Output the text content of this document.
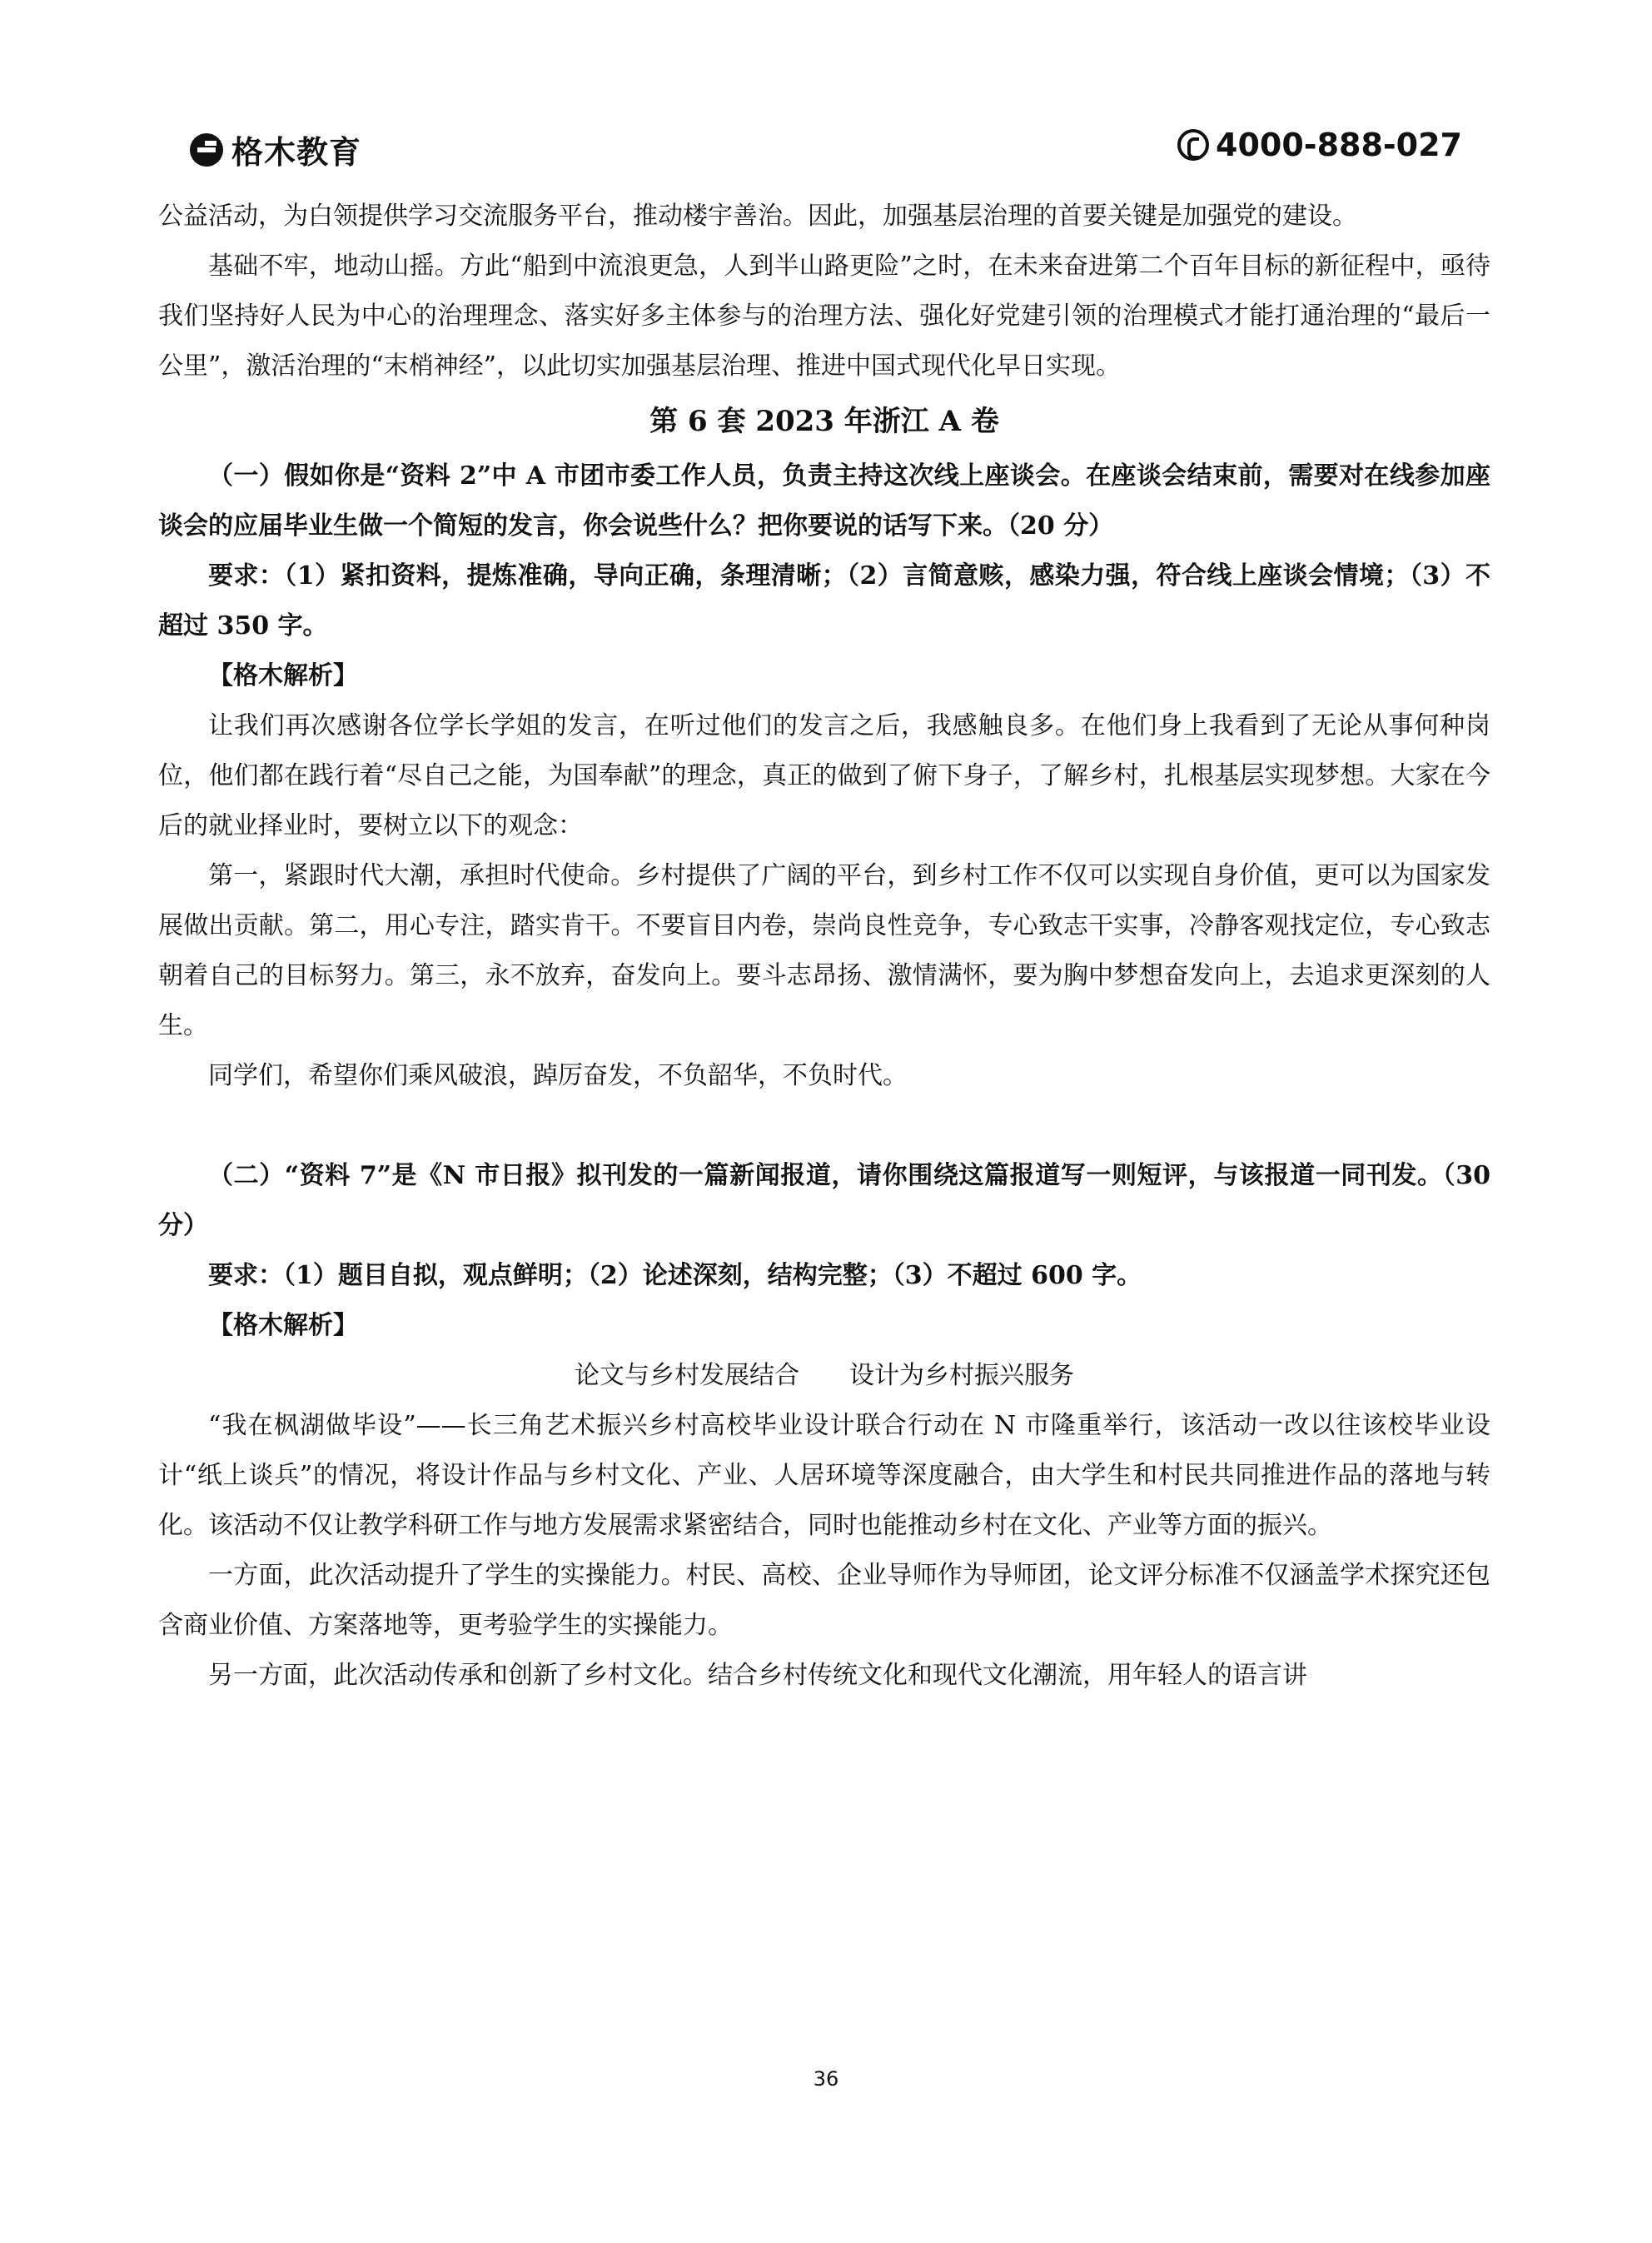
格木教育	4000-888-027

公益活动，为白领提供学习交流服务平台，推动楼宇善治。因此，加强基层治理的首要关键是加强党的建设。

基础不牢，地动山摇。方此“船到中流浪更急，人到半山路更险”之时，在未来奋进第二个百年目标的新征程中，亟待我们坚持好人民为中心的治理理念、落实好多主体参与的治理方法、强化好党建引领的治理模式才能打通治理的“最后一公里”，激活治理的“末梢神经”，以此切实加强基层治理、推进中国式现代化早日实现。

第 6 套 2023 年浙江 A 卷

（一）假如你是“资料 2”中 A 市团市委工作人员，负责主持这次线上座谈会。在座谈会结束前，需要对在线参加座谈会的应届毕业生做一个简短的发言，你会说些什么？把你要说的话写下来。（20 分）

要求：（1）紧扣资料，提炼准确，导向正确，条理清晰；（2）言简意赅，感染力强，符合线上座谈会情境；（3）不超过 350 字。

【格木解析】

让我们再次感谢各位学长学姐的发言，在听过他们的发言之后，我感触良多。在他们身上我看到了无论从事何种岗位，他们都在践行着“尽自己之能，为国奉献”的理念，真正的做到了俯下身子，了解乡村，扎根基层实现梦想。大家在今后的就业择业时，要树立以下的观念：

第一，紧跟时代大潮，承担时代使命。乡村提供了广阔的平台，到乡村工作不仅可以实现自身价值，更可以为国家发展做出贡献。第二，用心专注，踏实肯干。不要盲目内卷，崇尚良性竞争，专心致志干实事，冷静客观找定位，专心致志朝着自己的目标努力。第三，永不放弃，奋发向上。要斗志昂扬、激情满怀，要为胸中梦想奋发向上，去追求更深刻的人生。

同学们，希望你们乘风破浪，踔厉奋发，不负韶华，不负时代。

（二）“资料 7”是《N 市日报》拟刊发的一篇新闻报道，请你围绕这篇报道写一则短评，与该报道一同刊发。（30 分）

要求：（1）题目自拟，观点鲜明；（2）论述深刻，结构完整；（3）不超过 600 字。

【格木解析】

论文与乡村发展结合　　设计为乡村振兴服务

“我在枫湖做毕设”——长三角艺术振兴乡村高校毕业设计联合行动在 N 市隆重举行，该活动一改以往该校毕业设计“纸上谈兵”的情况，将设计作品与乡村文化、产业、人居环境等深度融合，由大学生和村民共同推进作品的落地与转化。该活动不仅让教学科研工作与地方发展需求紧密结合，同时也能推动乡村在文化、产业等方面的振兴。

一方面，此次活动提升了学生的实操能力。村民、高校、企业导师作为导师团，论文评分标准不仅涵盖学术探究还包含商业价值、方案落地等，更考验学生的实操能力。

另一方面，此次活动传承和创新了乡村文化。结合乡村传统文化和现代文化潮流，用年轻人的语言讲

36
